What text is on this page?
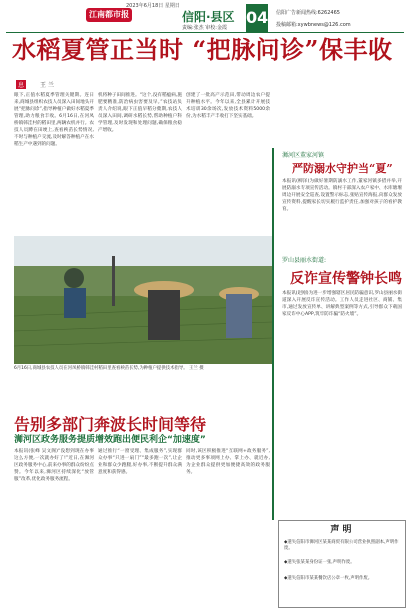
江南都市报
2023年6月18日 星期日
信阳·县区
责编:张杰 审校:金霞
04 信阳广告新闻热线:6262465
投稿邮箱:xywbnews@126.com
水稻夏管正当时 “把脉问诊”保丰收
息	王 兰
眼下,正值水稻夏季管理关键期。连日来,商城县组织农技人员深入田间地头开展“把脉问诊”,指导种植户做好水稻夏季管理,助力粮食丰收。6月16日,在河凤桥镇韩洼村的稻田里,两辆农机并行。农技人员蹲在田埂上,查看秧苗长势情况,不时与种植户交流,及时解答种植户在水稻生产中遇到的问题。
机将种子田间推进。“这个,没有稻瘟病,施肥要精准,防治病虫害要及早。”农技站负责人介绍说,眼下正值早稻分蘖期,农技人员深入田间,调研水稻长势,帮助种植户科学管理,及时发现和处理问题,确保粮食稳产增收。
创建了一批高产示范田,带动周边农户提升种植水平。今年以来,全县累计开展技术培训30余场次,发放技术资料5000余份,为水稻丰产丰收打下坚实基础。
6月16日,商城县农技人员在河凤桥镇韩洼村稻田里查看秧苗长势,为种植户提供技术指导。 王兰 摄
浉河区董家河镇
严防溺水守护当“夏”
本报讯(柳泽)为做好暑期防溺水工作,董家河镇多措并举,开展防溺水专项宣传活动。镇村干部深入农户家中、水库塘堰周边开展安全巡查,设置警示标志,张贴宣传海报,向群众发放宣传资料,提醒家长切实履行监护责任,加强对孩子的看护教育。
罗山县丽水街道:
反诈宣传警钟长鸣
本报讯(赵刚)为进一步增强辖区居民防骗意识,罗山县丽水街道深入开展反诈宣传活动。工作人员走进社区、商铺、集市,通过发放宣传单、讲解典型案例等方式,引导群众下载国家反诈中心APP,筑牢防诈骗“防火墙”。
告别多部门奔波长时间等待
浉河区政务服务提质增效跑出便民利企“加速度”
本报讯(张峰 吴文阁)“没想到现在办事这么方便,一次就办好了!”近日,在浉河区政务服务中心,前来办事的群众纷纷点赞。今年以来,浉河区持续深化“放管服”改革,优化政务服务流程。
通过推行“一窗受理、集成服务”,实现群众办事“只进一扇门”“最多跑一次”,让企业和群众少跑腿,好办事,不断提升群众满意度和获得感。
同时,该区积极推进“互联网+政务服务”,推动更多事项网上办、掌上办、就近办,为企业群众提供更加便捷高效的政务服务。
声 明
◆遗失信阳市浉河区某某商贸有限公司营业执照副本,声明作废。
◆遗失张某某身份证一张,声明作废。
◆遗失信阳市某某餐饮店公章一枚,声明作废。
